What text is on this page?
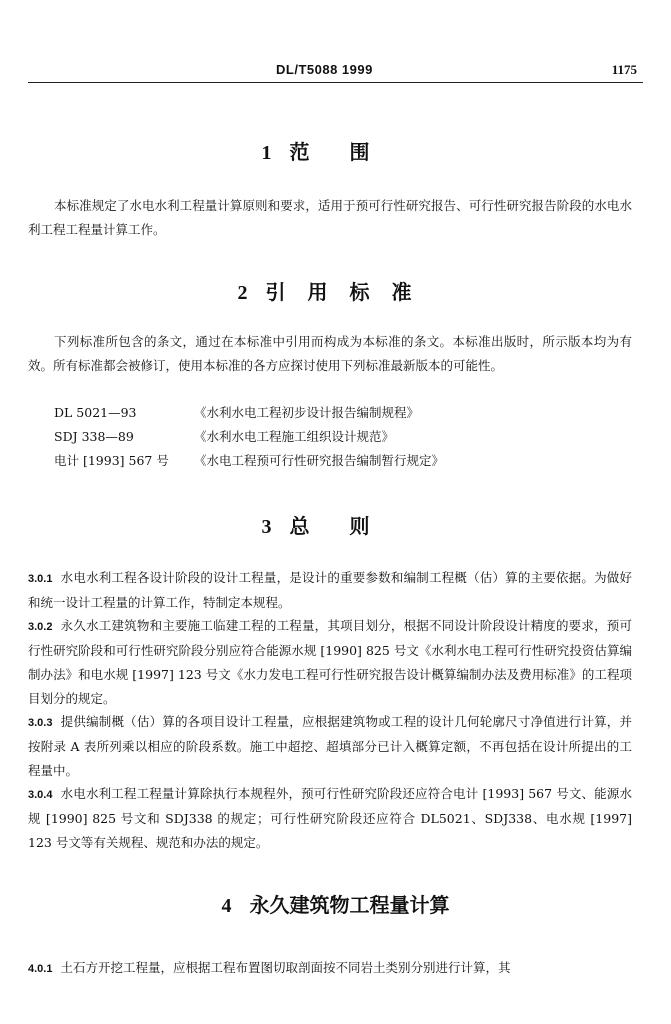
DL/T5088 1999	1175
1 范围
本标准规定了水电水利工程量计算原则和要求，适用于预可行性研究报告、可行性研究报告阶段的水电水利工程工程量计算工作。
2 引用标准
下列标准所包含的条文，通过在本标准中引用而构成为本标准的条文。本标准出版时，所示版本均为有效。所有标准都会被修订，使用本标准的各方应探讨使用下列标准最新版本的可能性。
DL 5021—93	《水利水电工程初步设计报告编制规程》
SDJ 338—89	《水利水电工程施工组织设计规范》
电计 [1993] 567 号	《水电工程预可行性研究报告编制暂行规定》
3 总则
3.0.1 水电水利工程各设计阶段的设计工程量，是设计的重要参数和编制工程概（估）算的主要依据。为做好和统一设计工程量的计算工作，特制定本规程。
3.0.2 永久水工建筑物和主要施工临建工程的工程量，其项目划分，根据不同设计阶段设计精度的要求，预可行性研究阶段和可行性研究阶段分别应符合能源水规 [1990] 825 号文《水利水电工程可行性研究投资估算编制办法》和电水规 [1997] 123 号文《水力发电工程可行性研究报告设计概算编制办法及费用标准》的工程项目划分的规定。
3.0.3 提供编制概（估）算的各项目设计工程量，应根据建筑物或工程的设计几何轮廓尺寸净值进行计算，并按附录 A 表所列乘以相应的阶段系数。施工中超挖、超填部分已计入概算定额，不再包括在设计所提出的工程量中。
3.0.4 水电水利工程工程量计算除执行本规程外，预可行性研究阶段还应符合电计 [1993] 567 号文、能源水规 [1990] 825 号文和 SDJ338 的规定；可行性研究阶段还应符合 DL5021、SDJ338、电水规 [1997] 123 号文等有关规程、规范和办法的规定。
4 永久建筑物工程量计算
4.0.1 土石方开挖工程量，应根据工程布置图切取剖面按不同岩土类别分别进行计算，其
